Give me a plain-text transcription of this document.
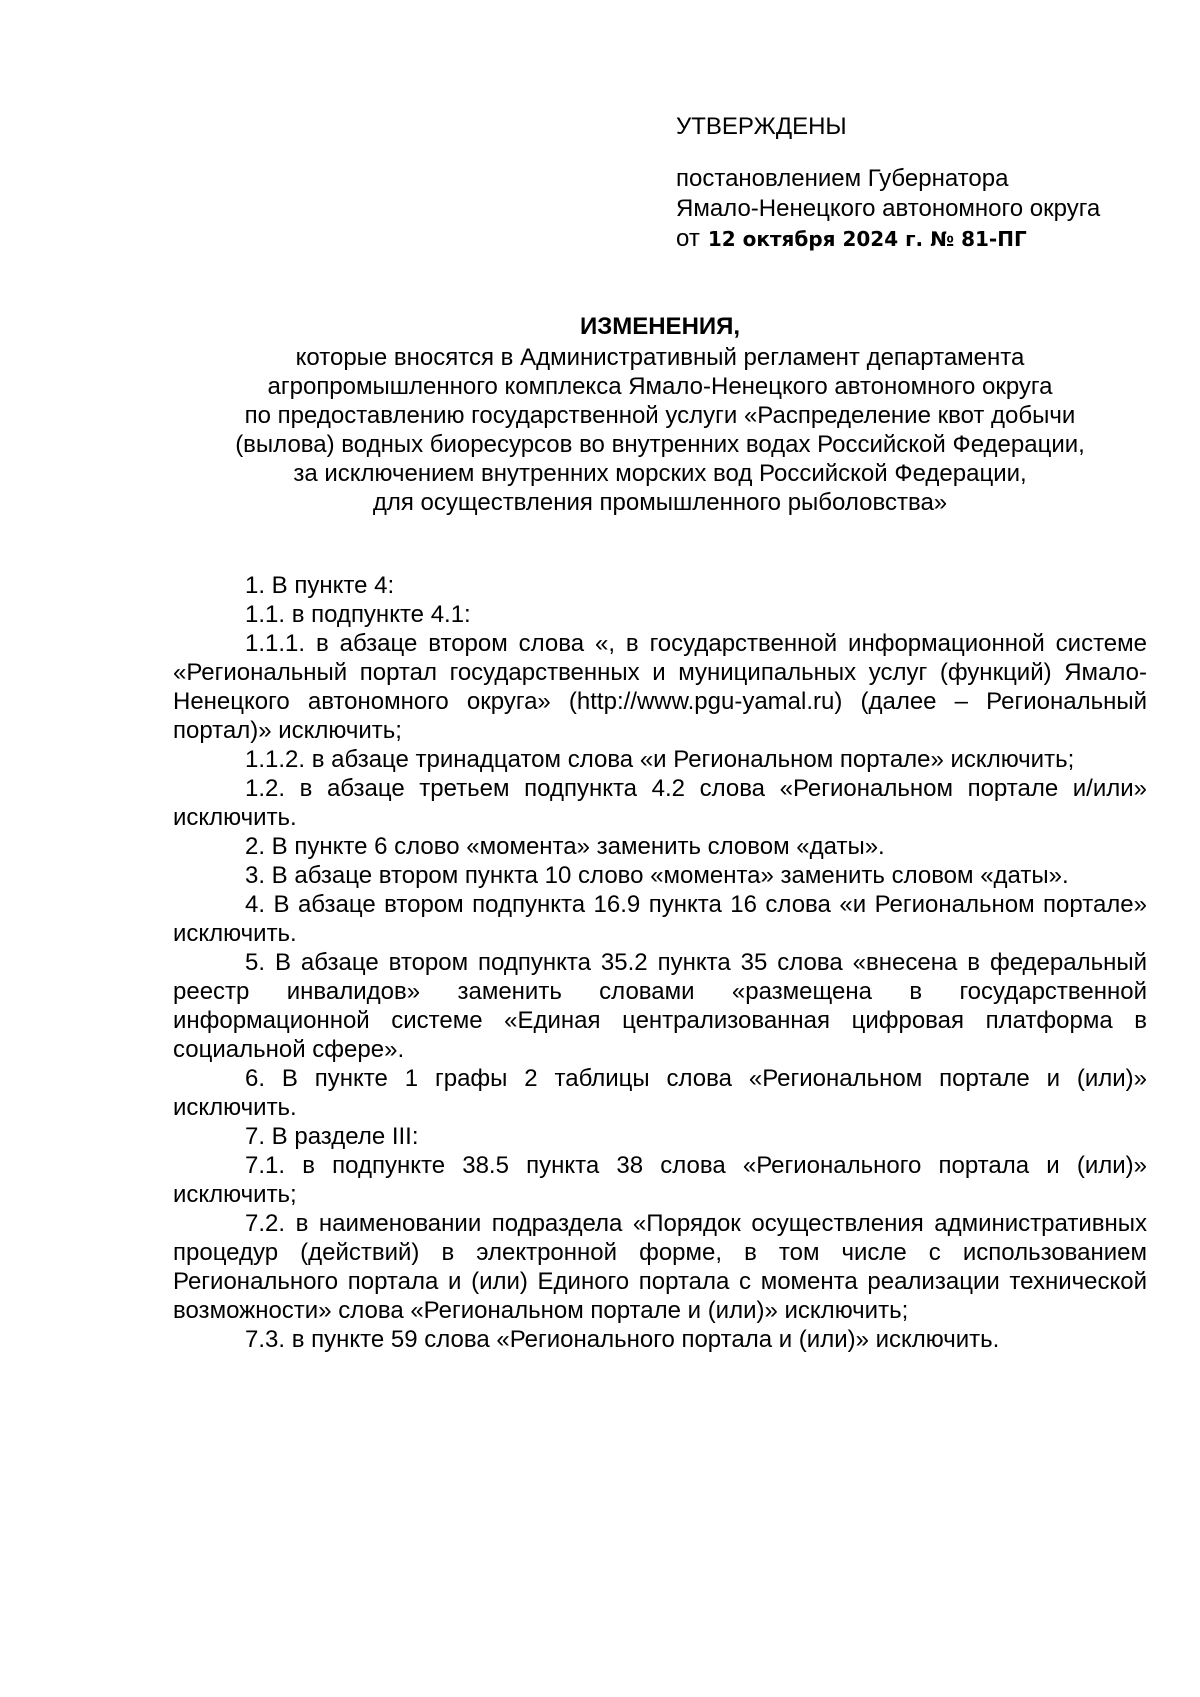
УТВЕРЖДЕНЫ
постановлением Губернатора
Ямало-Ненецкого автономного округа
от 12 октября 2024 г. № 81-ПГ
ИЗМЕНЕНИЯ,
которые вносятся в Административный регламент департамента
агропромышленного комплекса Ямало-Ненецкого автономного округа
по предоставлению государственной услуги «Распределение квот добычи
(вылова) водных биоресурсов во внутренних водах Российской Федерации,
за исключением внутренних морских вод Российской Федерации,
для осуществления промышленного рыболовства»

1. В пункте 4:

1.1. в подпункте 4.1:

1.1.1. в абзаце втором слова «, в государственной информационной системе «Региональный портал государственных и муниципальных услуг (функций) Ямало-Ненецкого автономного округа» (http://www.pgu-yamal.ru) (далее – Региональный портал)» исключить;

1.1.2. в абзаце тринадцатом слова «и Региональном портале» исключить;

1.2. в абзаце третьем подпункта 4.2 слова «Региональном портале и/или» исключить.

2. В пункте 6 слово «момента» заменить словом «даты».

3. В абзаце втором пункта 10 слово «момента» заменить словом «даты».

4. В абзаце втором подпункта 16.9 пункта 16 слова «и Региональном портале» исключить.

5. В абзаце втором подпункта 35.2 пункта 35 слова «внесена в федеральный реестр инвалидов» заменить словами «размещена в государственной информационной системе «Единая централизованная цифровая платформа в социальной сфере».

6. В пункте 1 графы 2 таблицы слова «Региональном портале и (или)» исключить.

7. В разделе III:

7.1. в подпункте 38.5 пункта 38 слова «Регионального портала и (или)» исключить;

7.2. в наименовании подраздела «Порядок осуществления административных процедур (действий) в электронной форме, в том числе с использованием Регионального портала и (или) Единого портала с момента реализации технической возможности» слова «Региональном портале и (или)» исключить;

7.3. в пункте 59 слова «Регионального портала и (или)» исключить.
